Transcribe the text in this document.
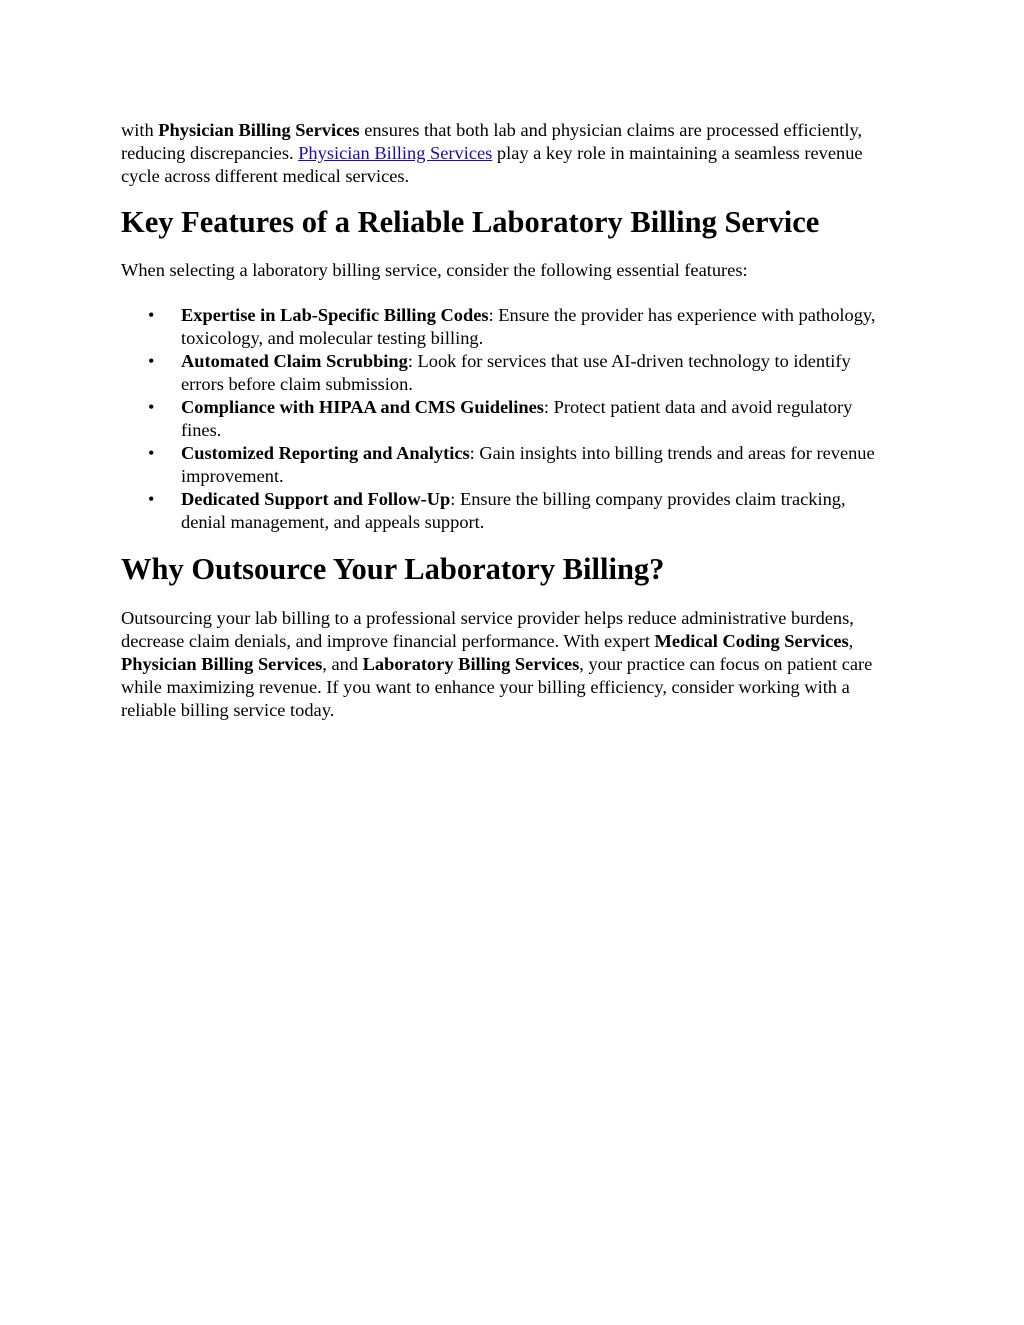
with Physician Billing Services ensures that both lab and physician claims are processed efficiently, reducing discrepancies. Physician Billing Services play a key role in maintaining a seamless revenue cycle across different medical services.

Key Features of a Reliable Laboratory Billing Service

When selecting a laboratory billing service, consider the following essential features:

• Expertise in Lab-Specific Billing Codes: Ensure the provider has experience with pathology, toxicology, and molecular testing billing.
• Automated Claim Scrubbing: Look for services that use AI-driven technology to identify errors before claim submission.
• Compliance with HIPAA and CMS Guidelines: Protect patient data and avoid regulatory fines.
• Customized Reporting and Analytics: Gain insights into billing trends and areas for revenue improvement.
• Dedicated Support and Follow-Up: Ensure the billing company provides claim tracking, denial management, and appeals support.
Why Outsource Your Laboratory Billing?

Outsourcing your lab billing to a professional service provider helps reduce administrative burdens, decrease claim denials, and improve financial performance. With expert Medical Coding Services, Physician Billing Services, and Laboratory Billing Services, your practice can focus on patient care while maximizing revenue. If you want to enhance your billing efficiency, consider working with a reliable billing service today.
